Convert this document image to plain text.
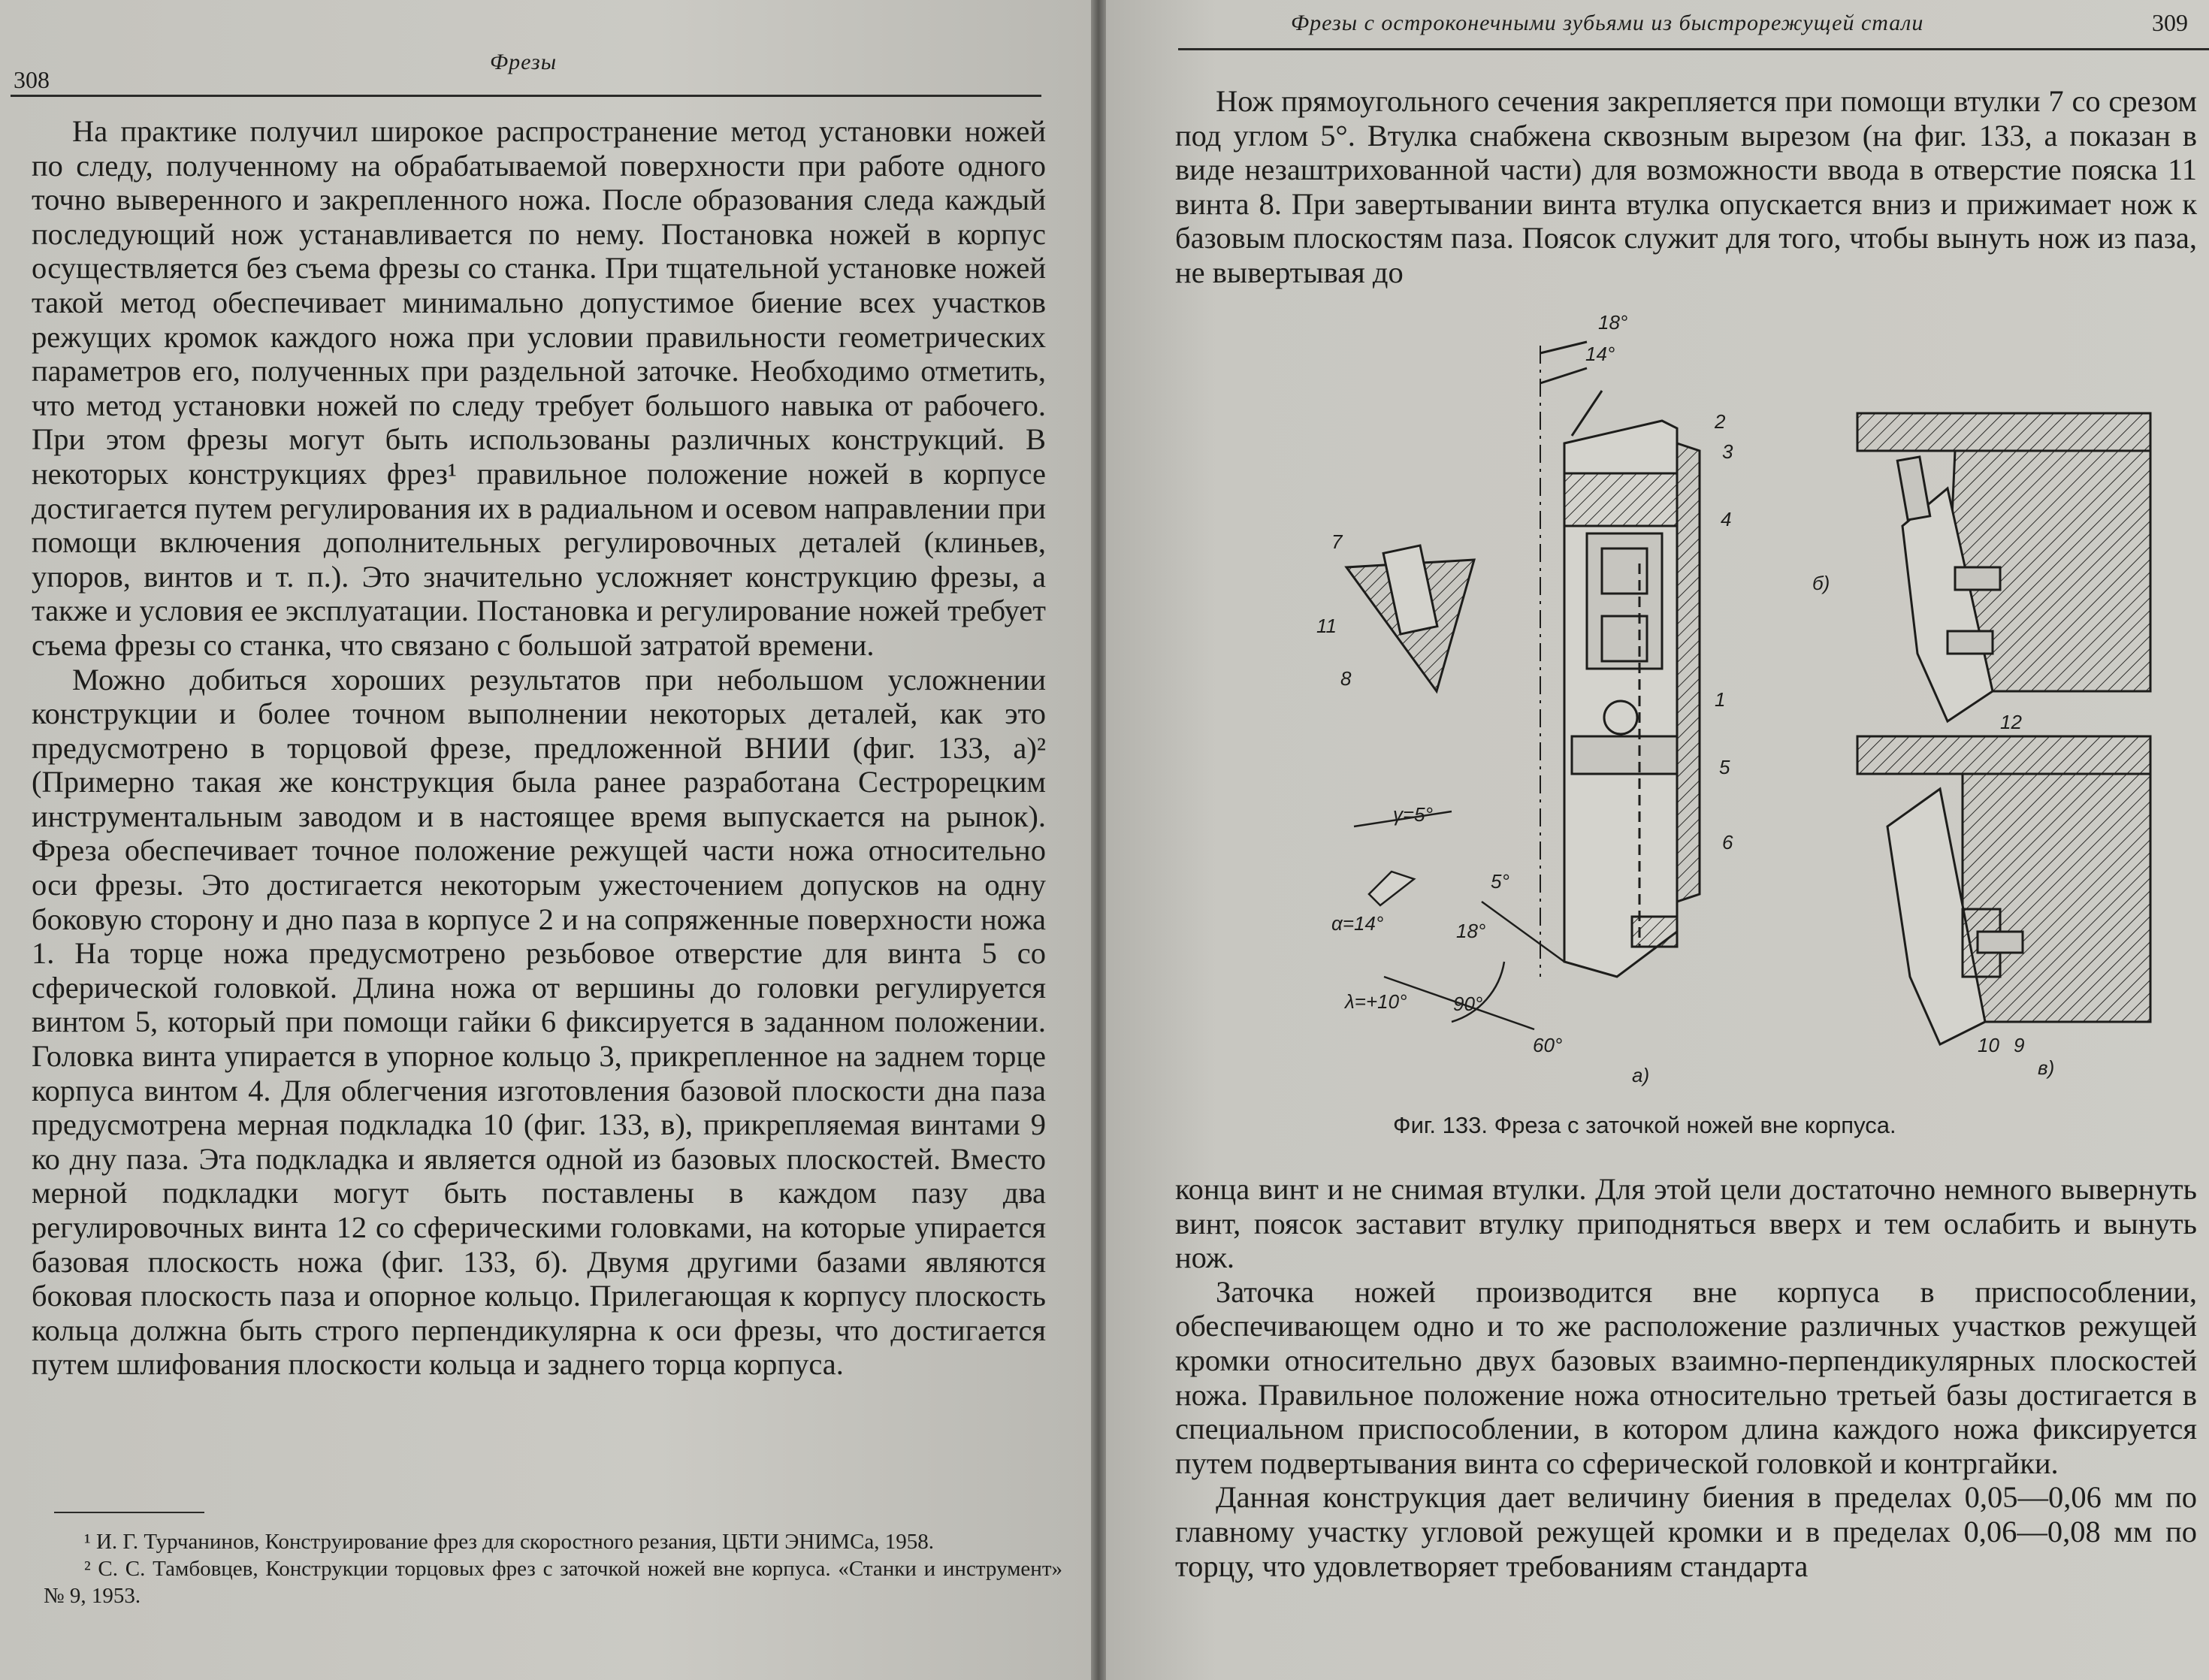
308
Фрезы

На практике получил широкое распространение метод установки ножей по следу, полученному на обрабатываемой поверхности при работе одного точно выверенного и закрепленного ножа. После образования следа каждый последующий нож устанавливается по нему. Постановка ножей в корпус осуществляется без съема фрезы со станка. При тщательной установке ножей такой метод обеспечивает минимально допустимое биение всех участков режущих кромок каждого ножа при условии правильности геометрических параметров его, полученных при раздельной заточке. Необходимо отметить, что метод установки ножей по следу требует большого навыка от рабочего. При этом фрезы могут быть использованы различных конструкций. В некоторых конструкциях фрез¹ правильное положение ножей в корпусе достигается путем регулирования их в радиальном и осевом направлении при помощи включения дополнительных регулировочных деталей (клиньев, упоров, винтов и т. п.). Это значительно усложняет конструкцию фрезы, а также и условия ее эксплуатации. Постановка и регулирование ножей требует съема фрезы со станка, что связано с большой затратой времени.

Можно добиться хороших результатов при небольшом усложнении конструкции и более точном выполнении некоторых деталей, как это предусмотрено в торцовой фрезе, предложенной ВНИИ (фиг. 133, а)² (Примерно такая же конструкция была ранее разработана Сестрорецким инструментальным заводом и в настоящее время выпускается на рынок). Фреза обеспечивает точное положение режущей части ножа относительно оси фрезы. Это достигается некоторым ужесточением допусков на одну боковую сторону и дно паза в корпусе 2 и на сопряженные поверхности ножа 1. На торце ножа предусмотрено резьбовое отверстие для винта 5 со сферической головкой. Длина ножа от вершины до головки регулируется винтом 5, который при помощи гайки 6 фиксируется в заданном положении. Головка винта упирается в упорное кольцо 3, прикрепленное на заднем торце корпуса винтом 4. Для облегчения изготовления базовой плоскости дна паза предусмотрена мерная подкладка 10 (фиг. 133, в), прикрепляемая винтами 9 ко дну паза. Эта подкладка и является одной из базовых плоскостей. Вместо мерной подкладки могут быть поставлены в каждом пазу два регулировочных винта 12 со сферическими головками, на которые упирается базовая плоскость ножа (фиг. 133, б). Двумя другими базами являются боковая плоскость паза и опорное кольцо. Прилегающая к корпусу плоскость кольца должна быть строго перпендикулярна к оси фрезы, что достигается путем шлифования плоскости кольца и заднего торца корпуса.

¹ И. Г. Турчанинов, Конструирование фрез для скоростного резания, ЦБТИ ЭНИМСа, 1958.

² С. С. Тамбовцев, Конструкции торцовых фрез с заточкой ножей вне корпуса. «Станки и инструмент» № 9, 1953.

Фрезы с остроконечными зубьями из быстрорежущей стали	309

Нож прямоугольного сечения закрепляется при помощи втулки 7 со срезом под углом 5°. Втулка снабжена сквозным вырезом (на фиг. 133, а показан в виде незаштрихованной части) для возможности ввода в отверстие пояска 11 винта 8. При завертывании винта втулка опускается вниз и прижимает нож к базовым плоскостям паза. Поясок служит для того, чтобы вынуть нож из паза, не вывертывая до

18°
14°
γ=5°
5°
α=14°	18°
λ=+10° 90°
60°
2
3
4
1
5
6
7
11
8
12
10 9
б)
а)	в)
Фиг. 133. Фреза с заточкой ножей вне корпуса.

конца винт и не снимая втулки. Для этой цели достаточно немного вывернуть винт, поясок заставит втулку приподняться вверх и тем ослабить и вынуть нож.

Заточка ножей производится вне корпуса в приспособлении, обеспечивающем одно и то же расположение различных участков режущей кромки относительно двух базовых взаимно-перпендикулярных плоскостей ножа. Правильное положение ножа относительно третьей базы достигается в специальном приспособлении, в котором длина каждого ножа фиксируется путем подвертывания винта со сферической головкой и контргайки.

Данная конструкция дает величину биения в пределах 0,05—0,06 мм по главному участку угловой режущей кромки и в пределах 0,06—0,08 мм по торцу, что удовлетворяет требованиям стандарта
